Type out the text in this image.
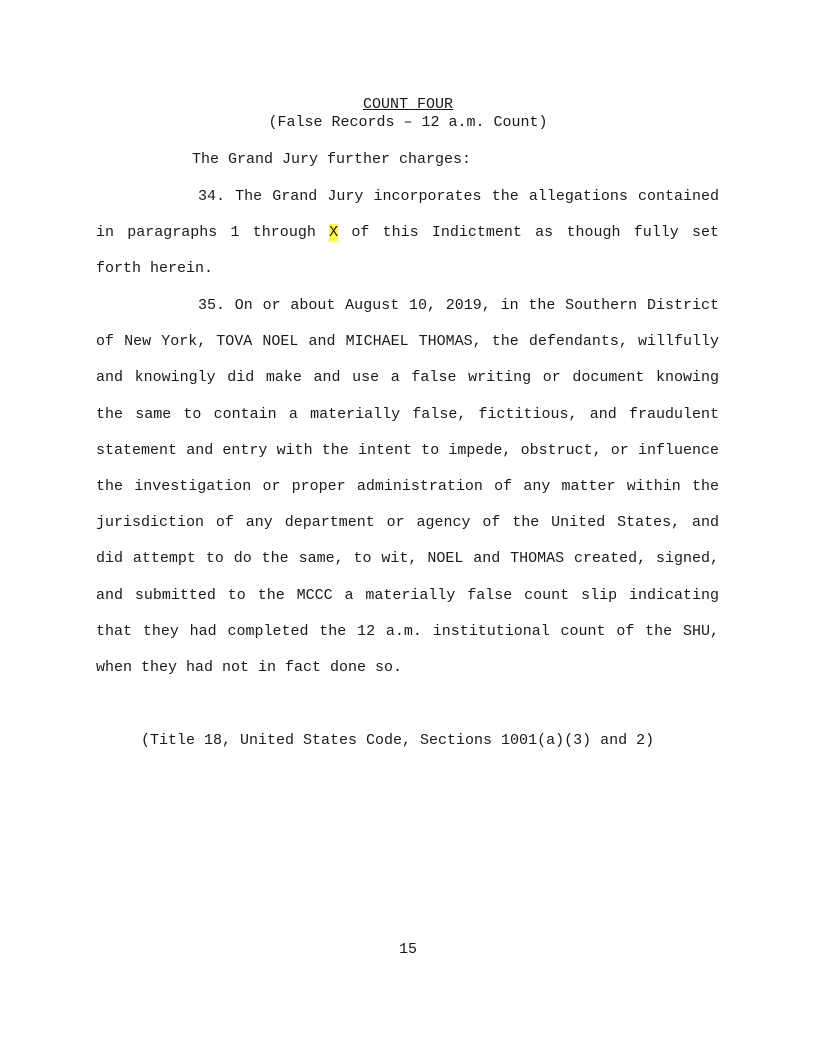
COUNT FOUR
(False Records – 12 a.m. Count)
The Grand Jury further charges:

34. The Grand Jury incorporates the allegations contained in paragraphs 1 through X of this Indictment as though fully set forth herein.

35. On or about August 10, 2019, in the Southern District of New York, TOVA NOEL and MICHAEL THOMAS, the defendants, willfully and knowingly did make and use a false writing or document knowing the same to contain a materially false, fictitious, and fraudulent statement and entry with the intent to impede, obstruct, or influence the investigation or proper administration of any matter within the jurisdiction of any department or agency of the United States, and did attempt to do the same, to wit, NOEL and THOMAS created, signed, and submitted to the MCCC a materially false count slip indicating that they had completed the 12 a.m. institutional count of the SHU, when they had not in fact done so.

(Title 18, United States Code, Sections 1001(a)(3) and 2)
15
